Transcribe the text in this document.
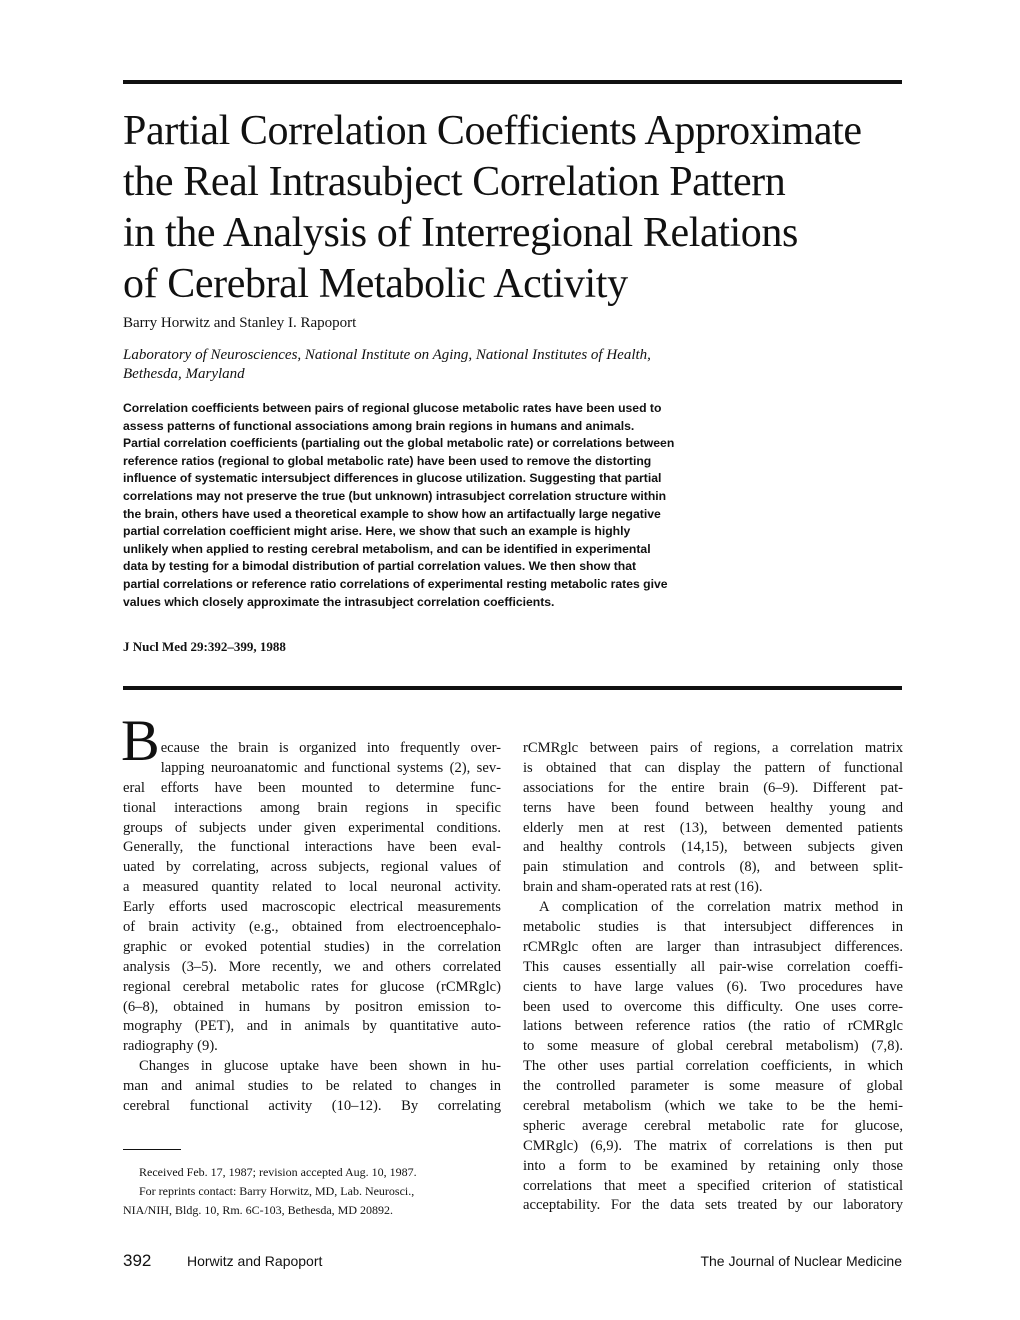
Partial Correlation Coefficients Approximate
the Real Intrasubject Correlation Pattern
in the Analysis of Interregional Relations
of Cerebral Metabolic Activity
Barry Horwitz and Stanley I. Rapoport
Laboratory of Neurosciences, National Institute on Aging, National Institutes of Health,
Bethesda, Maryland
Correlation coefficients between pairs of regional glucose metabolic rates have been used to
assess patterns of functional associations among brain regions in humans and animals.
Partial correlation coefficients (partialing out the global metabolic rate) or correlations between
reference ratios (regional to global metabolic rate) have been used to remove the distorting
influence of systematic intersubject differences in glucose utilization. Suggesting that partial
correlations may not preserve the true (but unknown) intrasubject correlation structure within
the brain, others have used a theoretical example to show how an artifactually large negative
partial correlation coefficient might arise. Here, we show that such an example is highly
unlikely when applied to resting cerebral metabolism, and can be identified in experimental
data by testing for a bimodal distribution of partial correlation values. We then show that
partial correlations or reference ratio correlations of experimental resting metabolic rates give
values which closely approximate the intrasubject correlation coefficients.
J Nucl Med 29:392–399, 1988
B ecause the brain is organized into frequently over-
lapping neuroanatomic and functional systems (2), sev-
eral efforts have been mounted to determine func-
tional interactions among brain regions in specific
groups of subjects under given experimental conditions.
Generally, the functional interactions have been eval-
uated by correlating, across subjects, regional values of
a measured quantity related to local neuronal activity.
Early efforts used macroscopic electrical measurements
of brain activity (e.g., obtained from electroencephalo-
graphic or evoked potential studies) in the correlation
analysis (3–5). More recently, we and others correlated
regional cerebral metabolic rates for glucose (rCMRglc)
(6–8), obtained in humans by positron emission to-
mography (PET), and in animals by quantitative auto-
radiography (9).
Changes in glucose uptake have been shown in hu-
man and animal studies to be related to changes in
cerebral functional activity (10–12). By correlating
Received Feb. 17, 1987; revision accepted Aug. 10, 1987.
For reprints contact: Barry Horwitz, MD, Lab. Neurosci.,
NIA/NIH, Bldg. 10, Rm. 6C-103, Bethesda, MD 20892.
rCMRglc between pairs of regions, a correlation matrix
is obtained that can display the pattern of functional
associations for the entire brain (6–9). Different pat-
terns have been found between healthy young and
elderly men at rest (13), between demented patients
and healthy controls (14,15), between subjects given
pain stimulation and controls (8), and between split-
brain and sham-operated rats at rest (16).
A complication of the correlation matrix method in
metabolic studies is that intersubject differences in
rCMRglc often are larger than intrasubject differences.
This causes essentially all pair-wise correlation coeffi-
cients to have large values (6). Two procedures have
been used to overcome this difficulty. One uses corre-
lations between reference ratios (the ratio of rCMRglc
to some measure of global cerebral metabolism) (7,8).
The other uses partial correlation coefficients, in which
the controlled parameter is some measure of global
cerebral metabolism (which we take to be the hemi-
spheric average cerebral metabolic rate for glucose,
CMRglc) (6,9). The matrix of correlations is then put
into a form to be examined by retaining only those
correlations that meet a specified criterion of statistical
acceptability. For the data sets treated by our laboratory
392	Horwitz and Rapoport	The Journal of Nuclear Medicine
